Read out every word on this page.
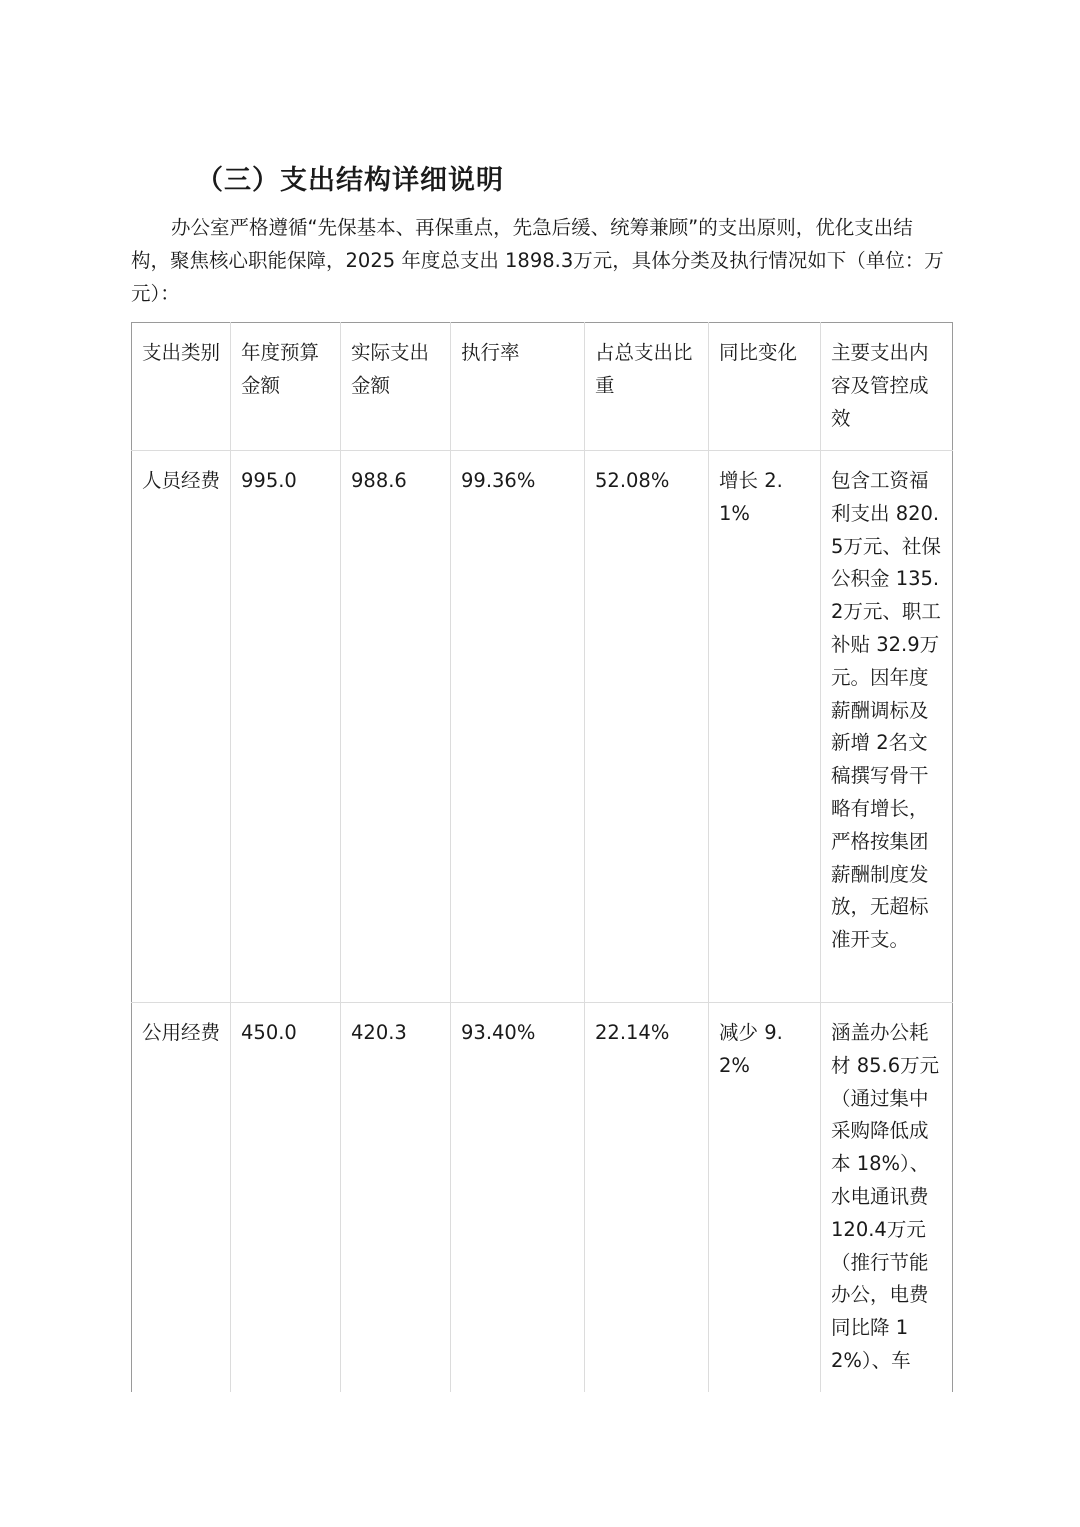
（三）支出结构详细说明

办公室严格遵循“先保基本、再保重点，先急后缓、统筹兼顾”的支出原则，优化支出结构，聚焦核心职能保障，2025 年度总支出 1898.3万元，具体分类及执行情况如下（单位：万元）：

支出类别	年度预算金额	实际支出金额	执行率	占总支出比重	同比变化	主要支出内容及管控成效
人员经费	995.0	988.6	99.36%	52.08%	增长 2.1%	包含工资福利支出 820.5万元、社保公积金 135.2万元、职工补贴 32.9万元。因年度薪酬调标及新增 2名文稿撰写骨干略有增长，严格按集团薪酬制度发放，无超标准开支。
公用经费	450.0	420.3	93.40%	22.14%	减少 9.2%	涵盖办公耗材 85.6万元（通过集中采购降低成本 18%）、水电通讯费 120.4万元（推行节能办公，电费同比降 12%）、车
